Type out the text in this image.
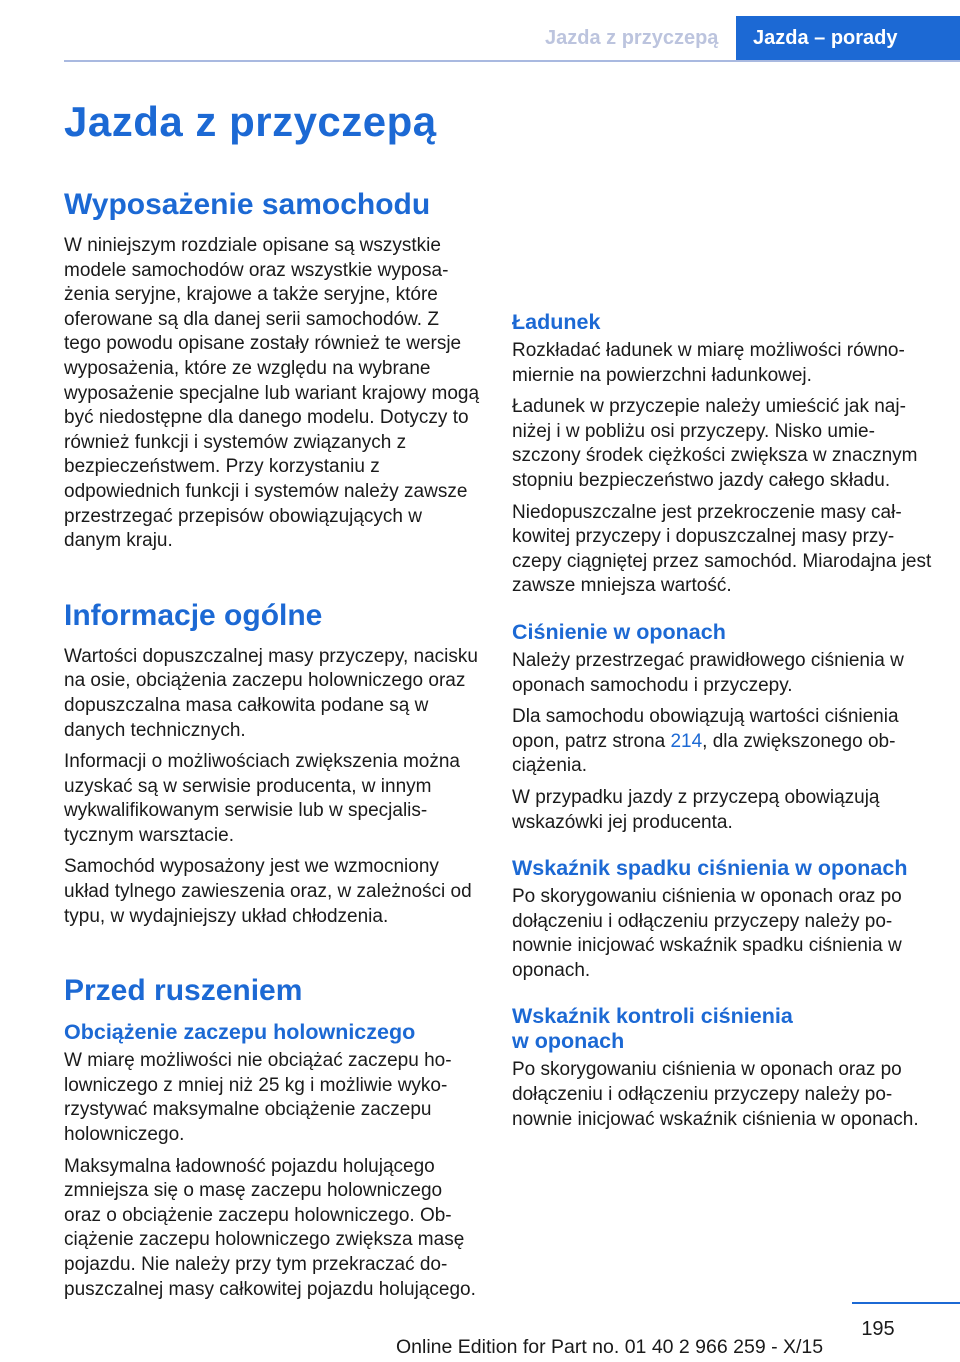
Jazda z przyczepą	Jazda – porady
Jazda z przyczepą
Wyposażenie samochodu

W niniejszym rozdziale opisane są wszystkie modele samochodów oraz wszystkie wyposażenia seryjne, krajowe a także seryjne, które oferowane są dla danej serii samochodów. Z tego powodu opisane zostały również te wersje wyposażenia, które ze względu na wybrane wyposażenie specjalne lub wariant krajowy mogą być niedostępne dla danego modelu. Dotyczy to również funkcji i systemów związanych z bezpieczeństwem. Przy korzystaniu z odpowiednich funkcji i systemów należy zawsze przestrzegać przepisów obowiązujących w danym kraju.

Informacje ogólne

Wartości dopuszczalnej masy przyczepy, nacisku na osie, obciążenia zaczepu holowniczego oraz dopuszczalna masa całkowita podane są w danych technicznych.

Informacji o możliwościach zwiększenia można uzyskać są w serwisie producenta, w innym wykwalifikowanym serwisie lub w specjalistycznym warsztacie.

Samochód wyposażony jest we wzmocniony układ tylnego zawieszenia oraz, w zależności od typu, w wydajniejszy układ chłodzenia.

Przed ruszeniem
Obciążenie zaczepu holowniczego

W miarę możliwości nie obciążać zaczepu holowniczego z mniej niż 25 kg i możliwie wykorzystywać maksymalne obciążenie zaczepu holowniczego.

Maksymalna ładowność pojazdu holującego zmniejsza się o masę zaczepu holowniczego oraz o obciążenie zaczepu holowniczego. Obciążenie zaczepu holowniczego zwiększa masę pojazdu. Nie należy przy tym przekraczać dopuszczalnej masy całkowitej pojazdu holującego.

Ładunek

Rozkładać ładunek w miarę możliwości równomiernie na powierzchni ładunkowej.

Ładunek w przyczepie należy umieścić jak najniżej i w pobliżu osi przyczepy. Nisko umieszczony środek ciężkości zwiększa w znacznym stopniu bezpieczeństwo jazdy całego składu.

Niedopuszczalne jest przekroczenie masy całkowitej przyczepy i dopuszczalnej masy przyczepy ciągniętej przez samochód. Miarodajna jest zawsze mniejsza wartość.

Ciśnienie w oponach

Należy przestrzegać prawidłowego ciśnienia w oponach samochodu i przyczepy.

Dla samochodu obowiązują wartości ciśnienia opon, patrz strona 214, dla zwiększonego obciążenia.

W przypadku jazdy z przyczepą obowiązują wskazówki jej producenta.

Wskaźnik spadku ciśnienia w oponach

Po skorygowaniu ciśnienia w oponach oraz po dołączeniu i odłączeniu przyczepy należy ponownie inicjować wskaźnik spadku ciśnienia w oponach.

Wskaźnik kontroli ciśnienia
w oponach

Po skorygowaniu ciśnienia w oponach oraz po dołączeniu i odłączeniu przyczepy należy ponownie inicjować wskaźnik ciśnienia w oponach.

195
Online Edition for Part no. 01 40 2 966 259 - X/15
